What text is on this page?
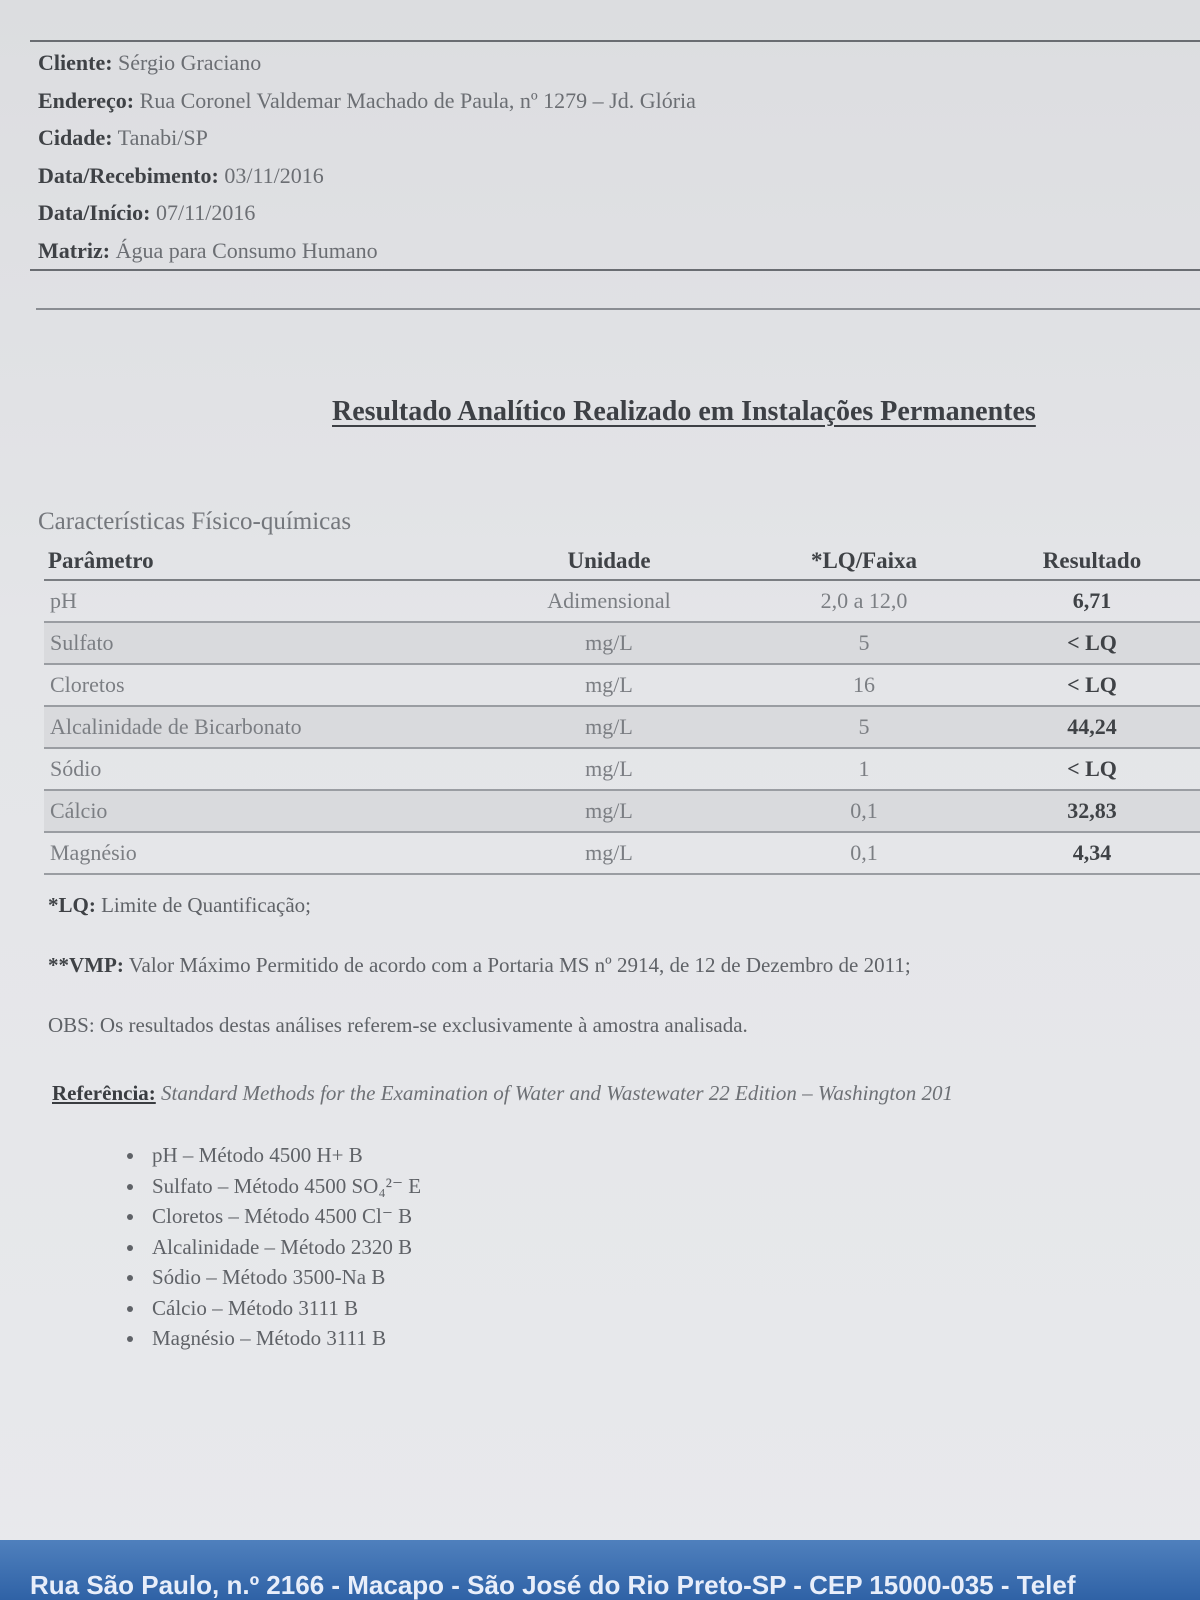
Cliente: Sérgio Graciano
Endereço: Rua Coronel Valdemar Machado de Paula, nº 1279 – Jd. Glória
Cidade: Tanabi/SP
Data/Recebimento: 03/11/2016
Data/Início: 07/11/2016
Matriz: Água para Consumo Humano
Resultado Analítico Realizado em Instalações Permanentes
Características Físico-químicas
Parâmetro	Unidade	*LQ/Faixa	Resultado
pH	Adimensional	2,0 a 12,0	6,71
Sulfato	mg/L	5	< LQ
Cloretos	mg/L	16	< LQ
Alcalinidade de Bicarbonato	mg/L	5	44,24
Sódio	mg/L	1	< LQ
Cálcio	mg/L	0,1	32,83
Magnésio	mg/L	0,1	4,34
*LQ: Limite de Quantificação;
**VMP: Valor Máximo Permitido de acordo com a Portaria MS nº 2914, de 12 de Dezembro de 2011;
OBS: Os resultados destas análises referem-se exclusivamente à amostra analisada.
Referência: Standard Methods for the Examination of Water and Wastewater 22 Edition – Washington 201
• pH – Método 4500 H+ B
• Sulfato – Método 4500 SO₄²⁻ E
• Cloretos – Método 4500 Cl⁻ B
• Alcalinidade – Método 2320 B
• Sódio – Método 3500-Na B
• Cálcio – Método 3111 B
• Magnésio – Método 3111 B
Rua São Paulo, n.º 2166 - Macapo - São José do Rio Preto-SP - CEP 15000-035 - Telef
